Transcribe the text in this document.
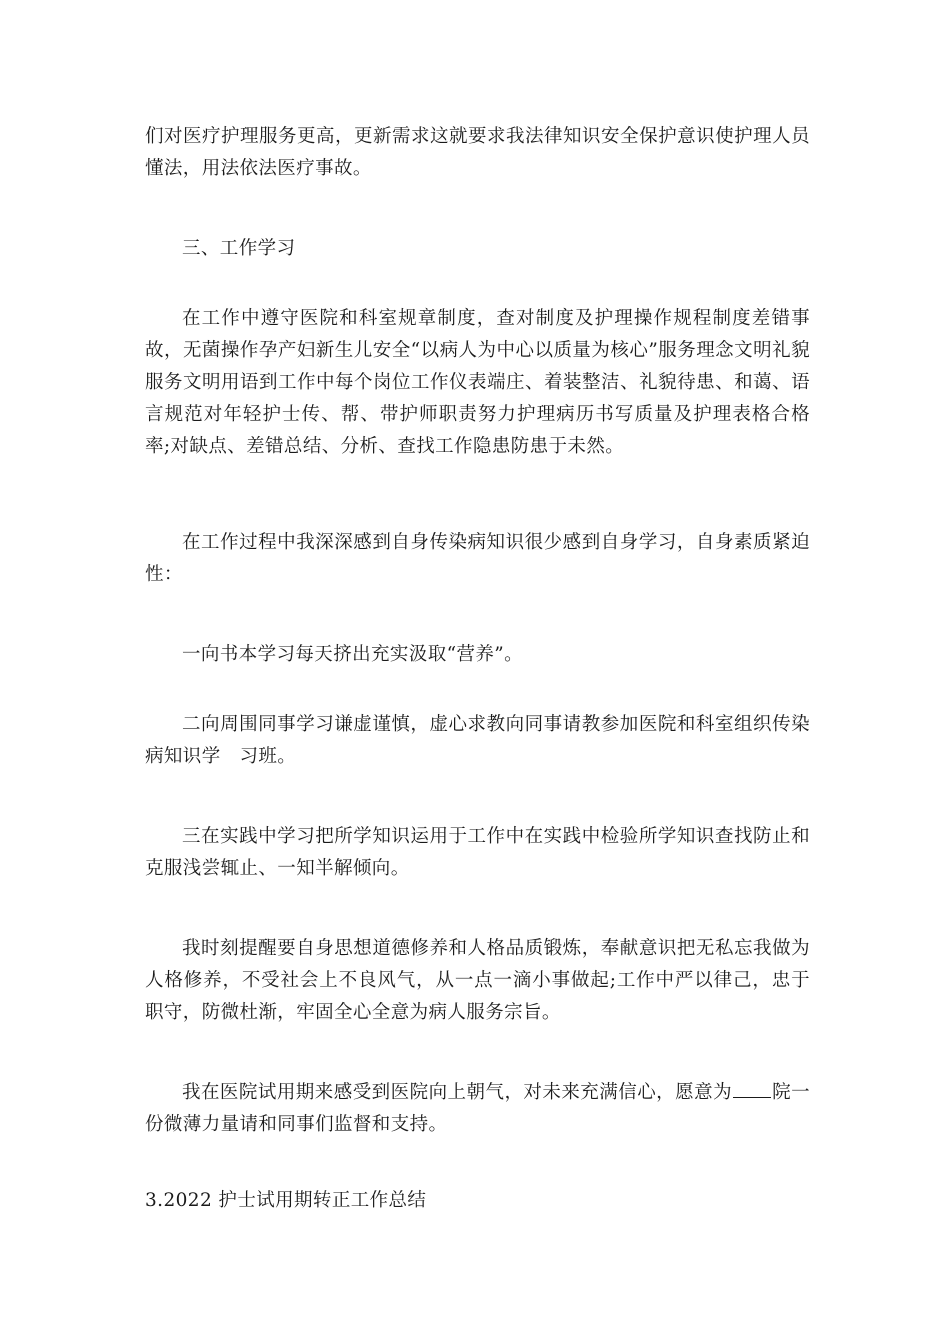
们对医疗护理服务更高，更新需求这就要求我法律知识安全保护意识使护理人员懂法，用法依法医疗事故。

三、工作学习

在工作中遵守医院和科室规章制度，查对制度及护理操作规程制度差错事故，无菌操作孕产妇新生儿安全“以病人为中心以质量为核心”服务理念文明礼貌服务文明用语到工作中每个岗位工作仪表端庄、着装整洁、礼貌待患、和蔼、语言规范对年轻护士传、帮、带护师职责努力护理病历书写质量及护理表格合格率;对缺点、差错总结、分析、查找工作隐患防患于未然。

在工作过程中我深深感到自身传染病知识很少感到自身学习，自身素质紧迫性：

一向书本学习每天挤出充实汲取“营养”。

二向周围同事学习谦虚谨慎，虚心求教向同事请教参加医院和科室组织传染病知识学　习班。

三在实践中学习把所学知识运用于工作中在实践中检验所学知识查找防止和克服浅尝辄止、一知半解倾向。

我时刻提醒要自身思想道德修养和人格品质锻炼，奉献意识把无私忘我做为人格修养，不受社会上不良风气，从一点一滴小事做起;工作中严以律己，忠于职守，防微杜渐，牢固全心全意为病人服务宗旨。

我在医院试用期来感受到医院向上朝气，对未来充满信心，愿意为 院一份微薄力量请和同事们监督和支持。

3.2022 护士试用期转正工作总结
